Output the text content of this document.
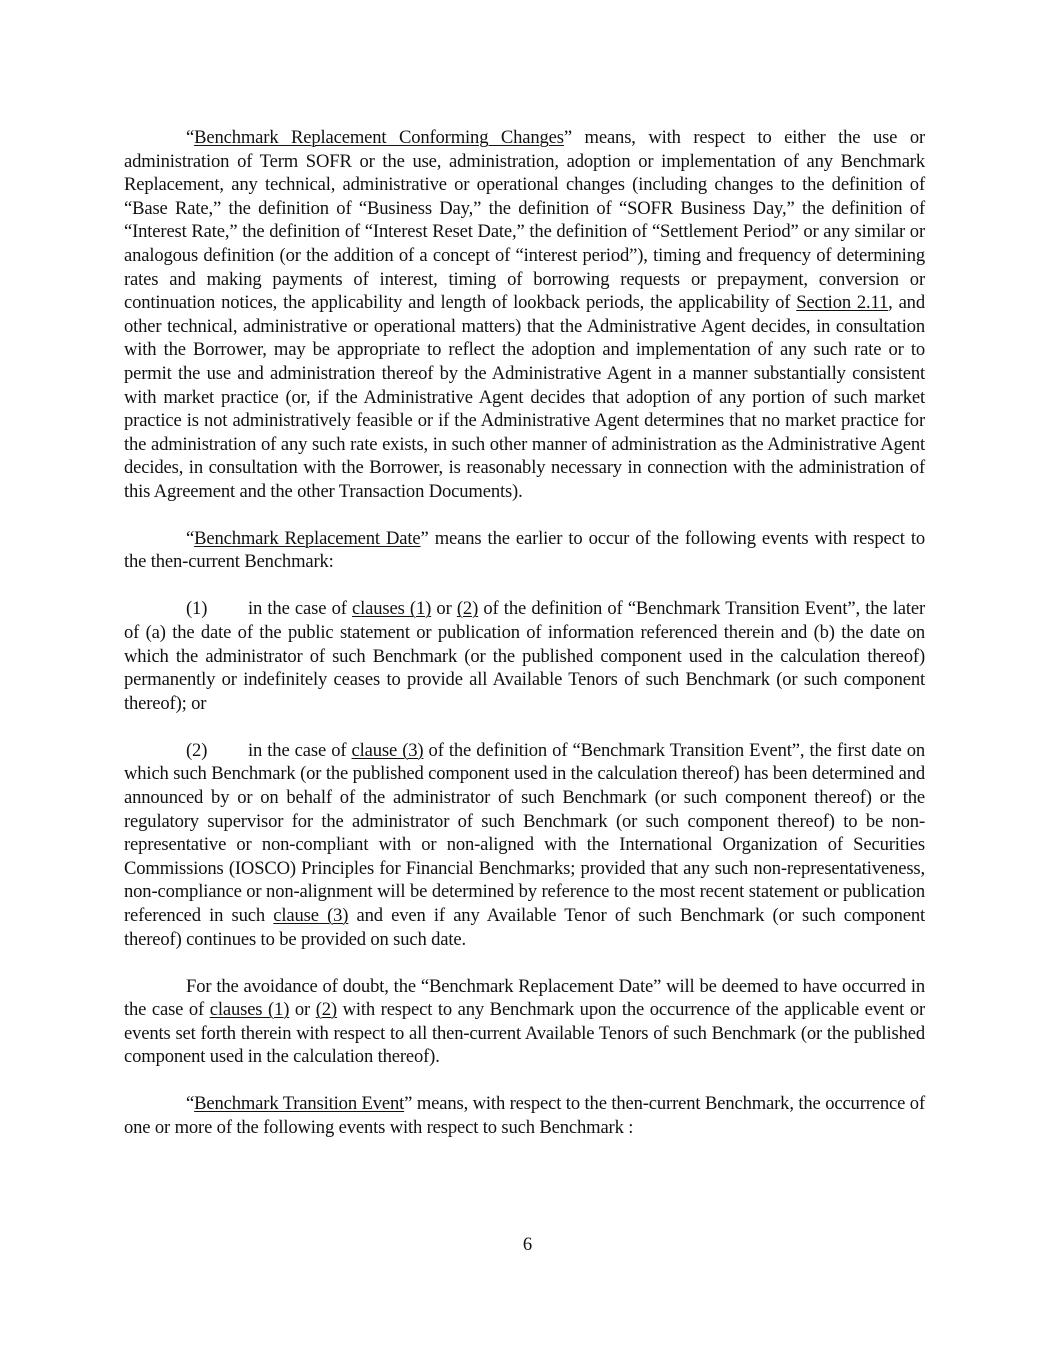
“Benchmark Replacement Conforming Changes” means, with respect to either the use or administration of Term SOFR or the use, administration, adoption or implementation of any Benchmark Replacement, any technical, administrative or operational changes (including changes to the definition of “Base Rate,” the definition of “Business Day,” the definition of “SOFR Business Day,” the definition of “Interest Rate,” the definition of “Interest Reset Date,” the definition of “Settlement Period” or any similar or analogous definition (or the addition of a concept of “interest period”), timing and frequency of determining rates and making payments of interest, timing of borrowing requests or prepayment, conversion or continuation notices, the applicability and length of lookback periods, the applicability of Section 2.11, and other technical, administrative or operational matters) that the Administrative Agent decides, in consultation with the Borrower, may be appropriate to reflect the adoption and implementation of any such rate or to permit the use and administration thereof by the Administrative Agent in a manner substantially consistent with market practice (or, if the Administrative Agent decides that adoption of any portion of such market practice is not administratively feasible or if the Administrative Agent determines that no market practice for the administration of any such rate exists, in such other manner of administration as the Administrative Agent decides, in consultation with the Borrower, is reasonably necessary in connection with the administration of this Agreement and the other Transaction Documents).

“Benchmark Replacement Date” means the earlier to occur of the following events with respect to the then-current Benchmark:

(1) in the case of clauses (1) or (2) of the definition of “Benchmark Transition Event”, the later of (a) the date of the public statement or publication of information referenced therein and (b) the date on which the administrator of such Benchmark (or the published component used in the calculation thereof) permanently or indefinitely ceases to provide all Available Tenors of such Benchmark (or such component thereof); or

(2) in the case of clause (3) of the definition of “Benchmark Transition Event”, the first date on which such Benchmark (or the published component used in the calculation thereof) has been determined and announced by or on behalf of the administrator of such Benchmark (or such component thereof) or the regulatory supervisor for the administrator of such Benchmark (or such component thereof) to be non-representative or non-compliant with or non-aligned with the International Organization of Securities Commissions (IOSCO) Principles for Financial Benchmarks; provided that any such non-representativeness, non-compliance or non-alignment will be determined by reference to the most recent statement or publication referenced in such clause (3) and even if any Available Tenor of such Benchmark (or such component thereof) continues to be provided on such date.

For the avoidance of doubt, the “Benchmark Replacement Date” will be deemed to have occurred in the case of clauses (1) or (2) with respect to any Benchmark upon the occurrence of the applicable event or events set forth therein with respect to all then-current Available Tenors of such Benchmark (or the published component used in the calculation thereof).

“Benchmark Transition Event” means, with respect to the then-current Benchmark, the occurrence of one or more of the following events with respect to such Benchmark :

6
